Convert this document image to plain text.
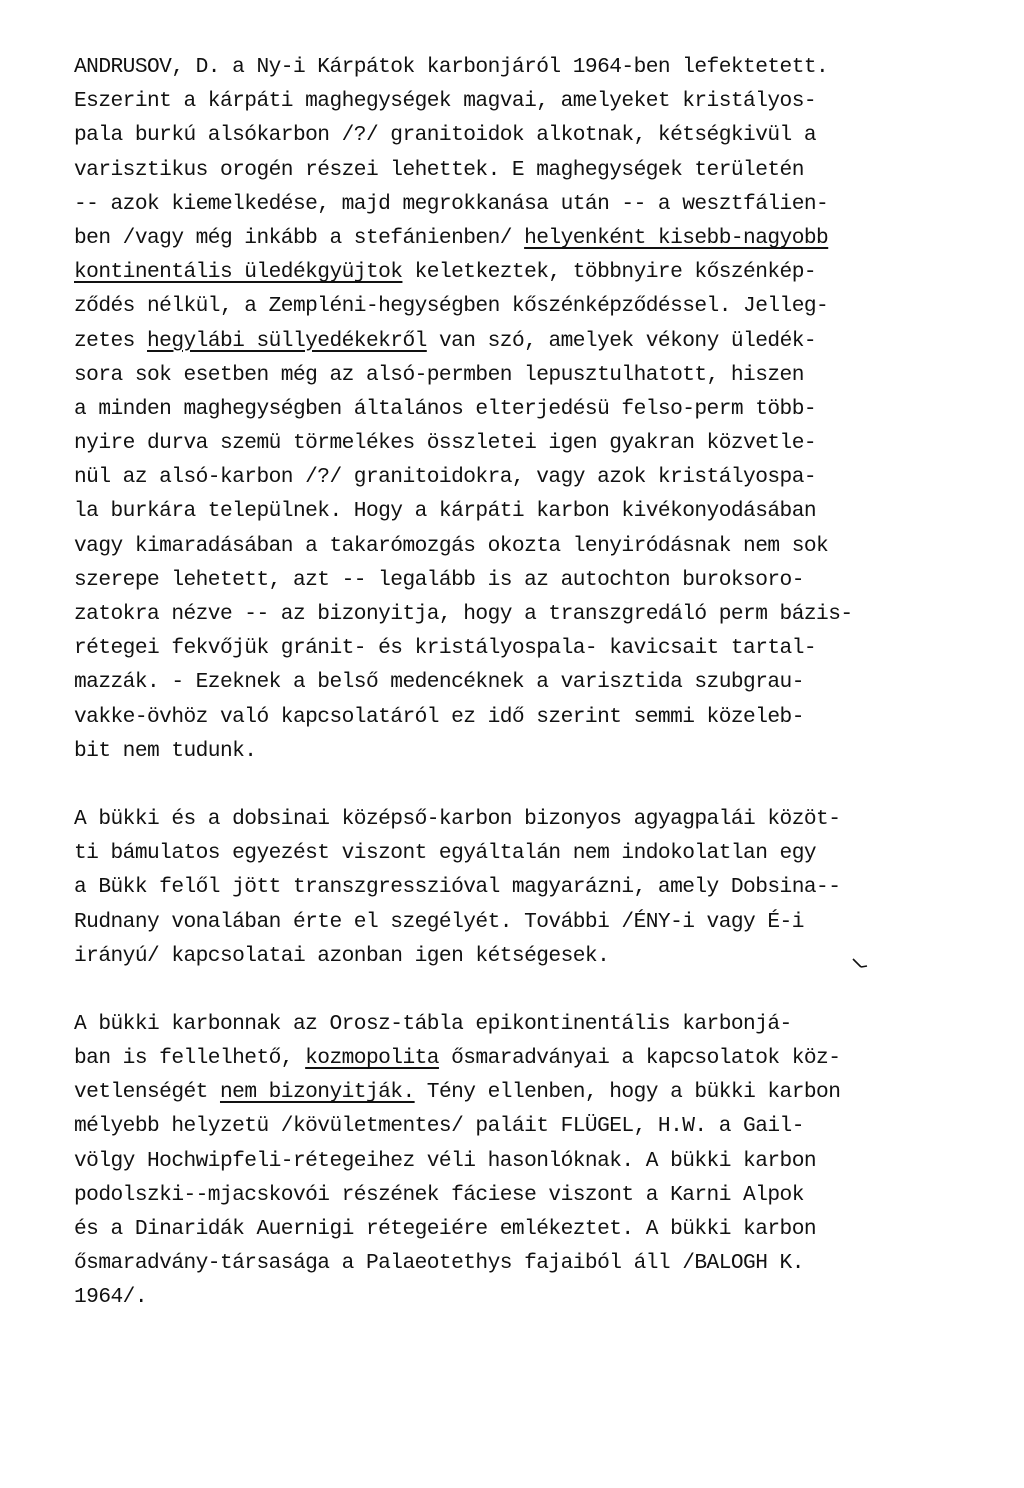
ANDRUSOV, D. a Ny-i Kárpátok karbonjáról 1964-ben lefektetett.
Eszerint a kárpáti maghegységek magvai, amelyeket kristályos-
pala burkú alsókarbon /?/ granitoidok alkotnak, kétségkivül a
varisztikus orogén részei lehettek. E maghegységek területén
-- azok kiemelkedése, majd megrokkanása után -- a wesztfálien-
ben /vagy még inkább a stefánienben/ helyenként kisebb-nagyobb
kontinentális üledékgyüjtok keletkeztek, többnyire kőszénkép-
ződés nélkül, a Zempléni-hegységben kőszénképződéssel. Jelleg-
zetes hegylábi süllyedékekről van szó, amelyek vékony üledék-
sora sok esetben még az alsó-permben lepusztulhatott, hiszen
a minden maghegységben általános elterjedésü felso-perm több-
nyire durva szemü törmelékes összletei igen gyakran közvetle-
nül az alsó-karbon /?/ granitoidokra, vagy azok kristályospa-
la burkára települnek. Hogy a kárpáti karbon kivékonyodásában
vagy kimaradásában a takarómozgás okozta lenyiródásnak nem sok
szerepe lehetett, azt -- legalább is az autochton buroksoro-
zatokra nézve -- az bizonyitja, hogy a transzgredáló perm bázis-
rétegei fekvőjük gránit- és kristályospala- kavicsait tartal-
mazzák. - Ezeknek a belső medencéknek a varisztida szubgrau-
vakke-övhöz való kapcsolatáról ez idő szerint semmi közeleb-
bit nem tudunk.
A bükki és a dobsinai középső-karbon bizonyos agyagpalái közöt-
ti bámulatos egyezést viszont egyáltalán nem indokolatlan egy
a Bükk felől jött transzgresszióval magyarázni, amely Dobsina--
Rudnany vonalában érte el szegélyét. További /ÉNY-i vagy É-i
irányú/ kapcsolatai azonban igen kétségesek.
A bükki karbonnak az Orosz-tábla epikontinentális karbonjá-
ban is fellelhető, kozmopolita ősmaradványai a kapcsolatok köz-
vetlenségét nem bizonyitják. Tény ellenben, hogy a bükki karbon
mélyebb helyzetü /kövületmentes/ paláit FLÜGEL, H.W. a Gail-
völgy Hochwipfeli-rétegeihez véli hasonlóknak. A bükki karbon
podolszki--mjacskovói részének fáciese viszont a Karni Alpok
és a Dinaridák Auernigi rétegeiére emlékeztet. A bükki karbon
ősmaradvány-társasága a Palaeotethys fajaiból áll /BALOGH K.
1964/.
